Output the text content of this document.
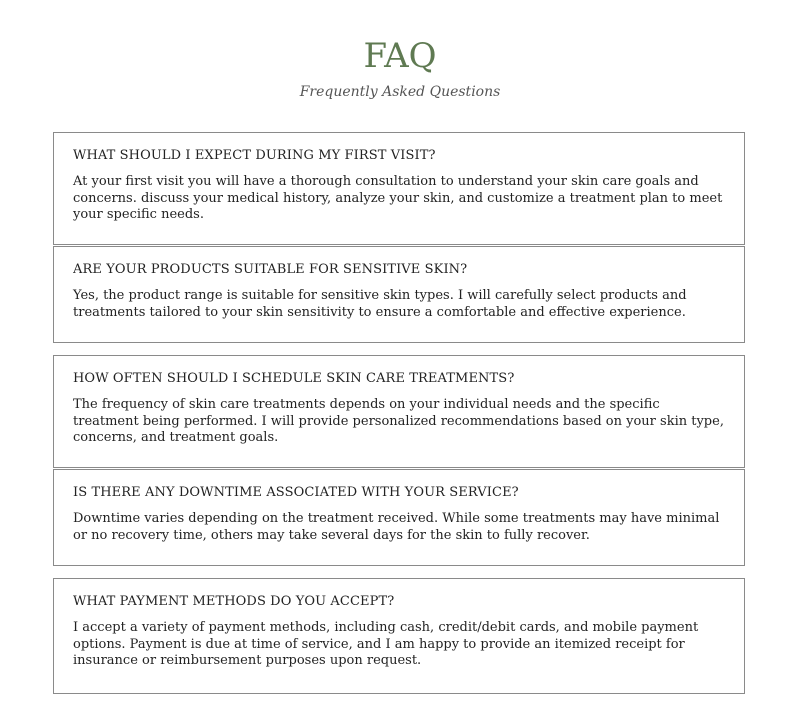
FAQ
Frequently Asked Questions

WHAT SHOULD I EXPECT DURING MY FIRST VISIT?

At your first visit you will have a thorough consultation to understand your skin care goals and concerns. discuss your medical history, analyze your skin, and customize a treatment plan to meet your specific needs.

ARE YOUR PRODUCTS SUITABLE FOR SENSITIVE SKIN?

Yes, the product range is suitable for sensitive skin types. I will carefully select products and treatments tailored to your skin sensitivity to ensure a comfortable and effective experience.

HOW OFTEN SHOULD I SCHEDULE SKIN CARE TREATMENTS?

The frequency of skin care treatments depends on your individual needs and the specific treatment being performed. I will provide personalized recommendations based on your skin type, concerns, and treatment goals.

IS THERE ANY DOWNTIME ASSOCIATED WITH YOUR SERVICE?

Downtime varies depending on the treatment received. While some treatments may have minimal or no recovery time, others may take several days for the skin to fully recover.

WHAT PAYMENT METHODS DO YOU ACCEPT?

I accept a variety of payment methods, including cash, credit/debit cards, and mobile payment options. Payment is due at time of service, and I am happy to provide an itemized receipt for insurance or reimbursement purposes upon request.
